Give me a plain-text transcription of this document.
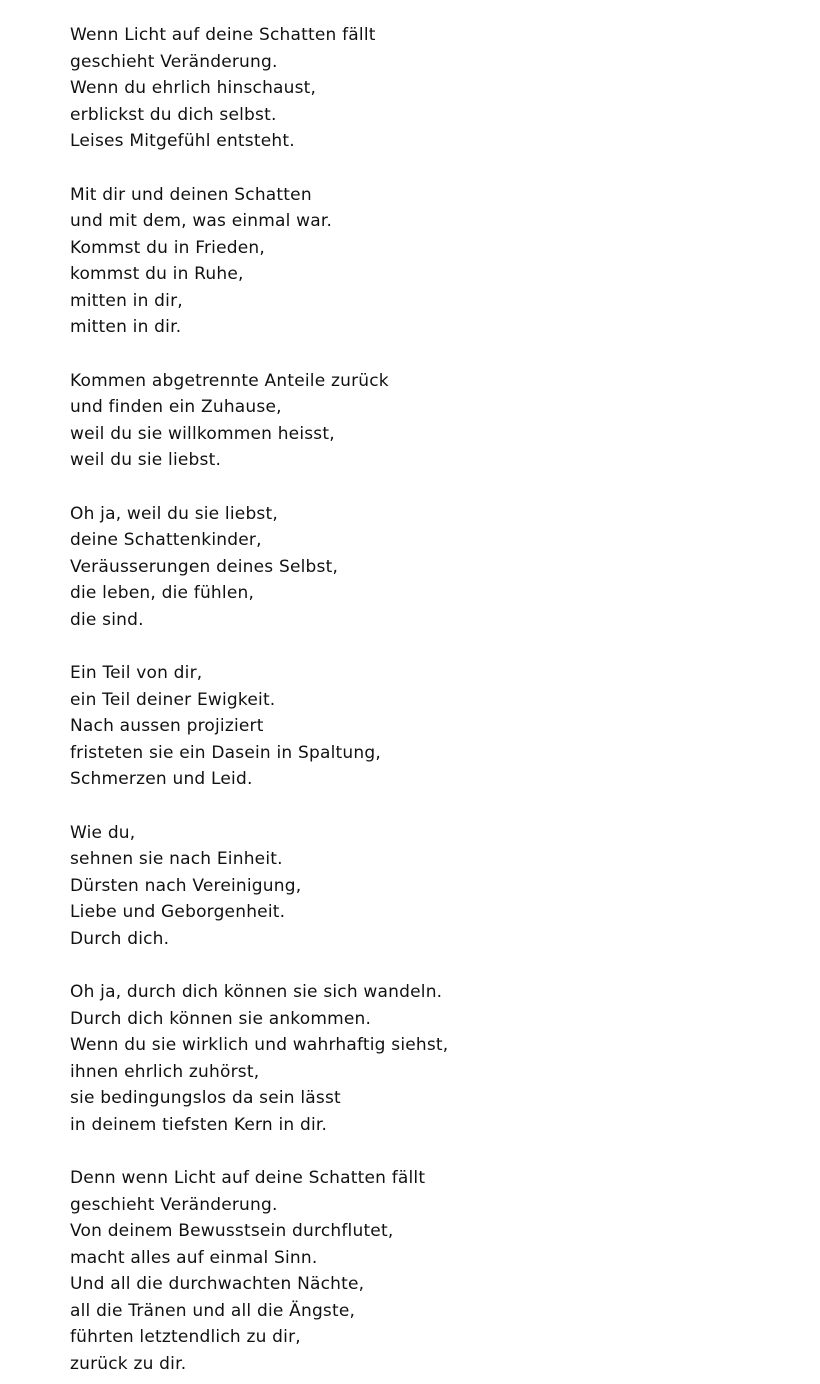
Wenn Licht auf deine Schatten fällt
geschieht Veränderung.
Wenn du ehrlich hinschaust,
erblickst du dich selbst.
Leises Mitgefühl entsteht.
Mit dir und deinen Schatten
und mit dem, was einmal war.
Kommst du in Frieden,
kommst du in Ruhe,
mitten in dir,
mitten in dir.
Kommen abgetrennte Anteile zurück
und finden ein Zuhause,
weil du sie willkommen heisst,
weil du sie liebst.
Oh ja, weil du sie liebst,
deine Schattenkinder,
Veräusserungen deines Selbst,
die leben, die fühlen,
die sind.
Ein Teil von dir,
ein Teil deiner Ewigkeit.
Nach aussen projiziert
fristeten sie ein Dasein in Spaltung,
Schmerzen und Leid.
Wie du,
sehnen sie nach Einheit.
Dürsten nach Vereinigung,
Liebe und Geborgenheit.
Durch dich.
Oh ja, durch dich können sie sich wandeln.
Durch dich können sie ankommen.
Wenn du sie wirklich und wahrhaftig siehst,
ihnen ehrlich zuhörst,
sie bedingungslos da sein lässt
in deinem tiefsten Kern in dir.
Denn wenn Licht auf deine Schatten fällt
geschieht Veränderung.
Von deinem Bewusstsein durchflutet,
macht alles auf einmal Sinn.
Und all die durchwachten Nächte,
all die Tränen und all die Ängste,
führten letztendlich zu dir,
zurück zu dir.
